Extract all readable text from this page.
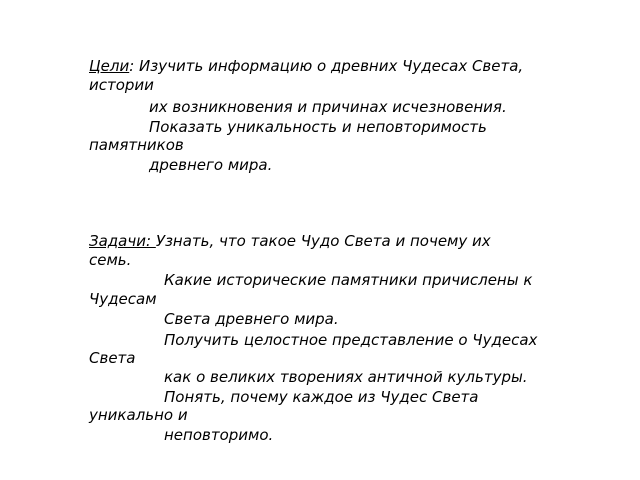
Цели: Изучить информацию о древних Чудесах Света,
истории
их возникновения и причинах исчезновения.
Показать уникальность и неповторимость
памятников
древнего мира.
Задачи: Узнать, что такое Чудо Света и почему их
семь.
Какие исторические памятники причислены к
Чудесам
Света древнего мира.
Получить целостное представление о Чудесах
Света
как о великих творениях античной культуры.
Понять, почему каждое из Чудес Света
уникально и
неповторимо.
